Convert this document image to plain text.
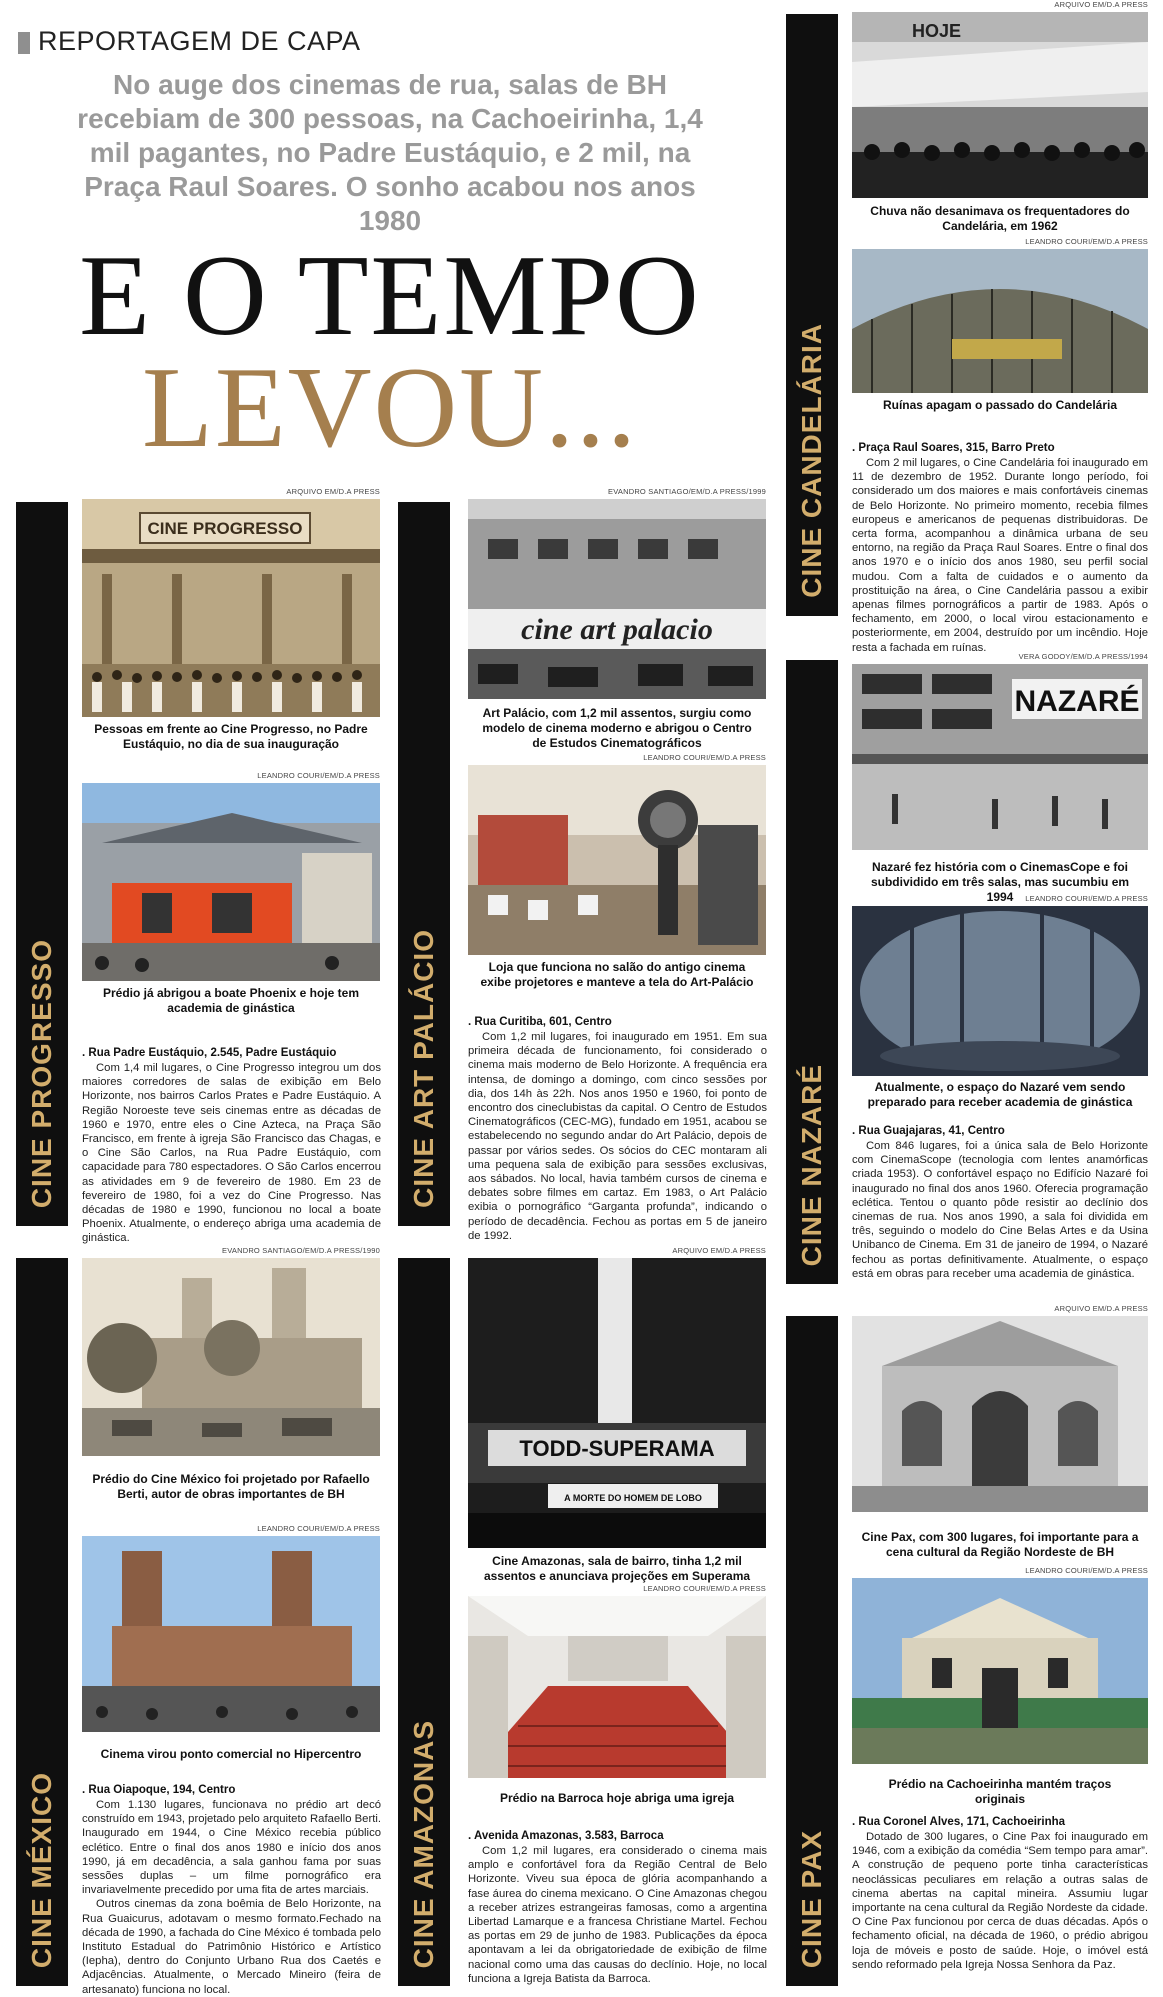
REPORTAGEM DE CAPA
No auge dos cinemas de rua, salas de BH recebiam de 300 pessoas, na Cachoeirinha, 1,4 mil pagantes, no Padre Eustáquio, e 2 mil, na Praça Raul Soares. O sonho acabou nos anos 1980
E O TEMPO
LEVOU...
CINE PROGRESSO
ARQUIVO EM/D.A PRESS
CINE PROGRESSO
Pessoas em frente ao Cine Progresso, no Padre Eustáquio, no dia de sua inauguração
LEANDRO COURI/EM/D.A PRESS
Prédio já abrigou a boate Phoenix e hoje tem academia de ginástica
. Rua Padre Eustáquio, 2.545, Padre Eustáquio

Com 1,4 mil lugares, o Cine Progresso integrou um dos maiores corredores de salas de exibição em Belo Horizonte, nos bairros Carlos Prates e Padre Eustáquio. A Região Noroeste teve seis cinemas entre as décadas de 1960 e 1970, entre eles o Cine Azteca, na Praça São Francisco, em frente à igreja São Francisco das Chagas, e o Cine São Carlos, na Rua Padre Eustáquio, com capacidade para 780 espectadores. O São Carlos encerrou as atividades em 9 de fevereiro de 1980. Em 23 de fevereiro de 1980, foi a vez do Cine Progresso. Nas décadas de 1980 e 1990, funcionou no local a boate Phoenix. Atualmente, o endereço abriga uma academia de ginástica.

CINE ART PALÁCIO
EVANDRO SANTIAGO/EM/D.A PRESS/1999
cine art palacio
Art Palácio, com 1,2 mil assentos, surgiu como modelo de cinema moderno e abrigou o Centro de Estudos Cinematográficos
LEANDRO COURI/EM/D.A PRESS
Loja que funciona no salão do antigo cinema exibe projetores e manteve a tela do Art-Palácio
. Rua Curitiba, 601, Centro

Com 1,2 mil lugares, foi inaugurado em 1951. Em sua primeira década de funcionamento, foi considerado o cinema mais moderno de Belo Horizonte. A frequência era intensa, de domingo a domingo, com cinco sessões por dia, dos 14h às 22h. Nos anos 1950 e 1960, foi ponto de encontro dos cineclubistas da capital. O Centro de Estudos Cinematográficos (CEC-MG), fundado em 1951, acabou se estabelecendo no segundo andar do Art Palácio, depois de passar por vários sedes. Os sócios do CEC montaram ali uma pequena sala de exibição para sessões exclusivas, aos sábados. No local, havia também cursos de cinema e debates sobre filmes em cartaz. Em 1983, o Art Palácio exibia o pornográfico “Garganta profunda”, indicando o período de decadência. Fechou as portas em 5 de janeiro de 1992.

CINE MÉXICO
EVANDRO SANTIAGO/EM/D.A PRESS/1990
Prédio do Cine México foi projetado por Rafaello Berti, autor de obras importantes de BH
LEANDRO COURI/EM/D.A PRESS
Cinema virou ponto comercial no Hipercentro
. Rua Oiapoque, 194, Centro

Com 1.130 lugares, funcionava no prédio art decó construído em 1943, projetado pelo arquiteto Rafaello Berti. Inaugurado em 1944, o Cine México recebia público eclético. Entre o final dos anos 1980 e início dos anos 1990, já em decadência, a sala ganhou fama por suas sessões duplas – um filme pornográfico era invariavelmente precedido por uma fita de artes marciais.

Outros cinemas da zona boêmia de Belo Horizonte, na Rua Guaicurus, adotavam o mesmo formato.Fechado na década de 1990, a fachada do Cine México é tombada pelo Instituto Estadual do Patrimônio Histórico e Artístico (Iepha), dentro do Conjunto Urbano Rua dos Caetés e Adjacências. Atualmente, o Mercado Mineiro (feira de artesanato) funciona no local.

CINE AMAZONAS
ARQUIVO EM/D.A PRESS
TODD-SUPERAMA
A MORTE DO HOMEM DE LOBO
Cine Amazonas, sala de bairro, tinha 1,2 mil assentos e anunciava projeções em Superama
LEANDRO COURI/EM/D.A PRESS
Prédio na Barroca hoje abriga uma igreja
. Avenida Amazonas, 3.583, Barroca

Com 1,2 mil lugares, era considerado o cinema mais amplo e confortável fora da Região Central de Belo Horizonte. Viveu sua época de glória acompanhando a fase áurea do cinema mexicano. O Cine Amazonas chegou a receber atrizes estrangeiras famosas, como a argentina Libertad Lamarque e a francesa Christiane Martel. Fechou as portas em 29 de junho de 1983. Publicações da época apontavam a lei da obrigatoriedade de exibição de filme nacional como uma das causas do declínio. Hoje, no local funciona a Igreja Batista da Barroca.

CINE CANDELÁRIA
ARQUIVO EM/D.A PRESS
HOJE
Chuva não desanimava os frequentadores do Candelária, em 1962
LEANDRO COURI/EM/D.A PRESS
Ruínas apagam o passado do Candelária
. Praça Raul Soares, 315, Barro Preto

Com 2 mil lugares, o Cine Candelária foi inaugurado em 11 de dezembro de 1952. Durante longo período, foi considerado um dos maiores e mais confortáveis cinemas de Belo Horizonte. No primeiro momento, recebia filmes europeus e americanos de pequenas distribuidoras. De certa forma, acompanhou a dinâmica urbana de seu entorno, na região da Praça Raul Soares. Entre o final dos anos 1970 e o início dos anos 1980, seu perfil social mudou. Com a falta de cuidados e o aumento da prostituição na área, o Cine Candelária passou a exibir apenas filmes pornográficos a partir de 1983. Após o fechamento, em 2000, o local virou estacionamento e posteriormente, em 2004, destruído por um incêndio. Hoje resta a fachada em ruínas.

CINE NAZARÉ
VERA GODOY/EM/D.A PRESS/1994
NAZARÉ
Nazaré fez história com o CinemasCope e foi subdividido em três salas, mas sucumbiu em 1994	LEANDRO COURI/EM/D.A PRESS
Atualmente, o espaço do Nazaré vem sendo preparado para receber academia de ginástica
. Rua Guajajaras, 41, Centro

Com 846 lugares, foi a única sala de Belo Horizonte com CinemaScope (tecnologia com lentes anamórficas criada 1953). O confortável espaço no Edifício Nazaré foi inaugurado no final dos anos 1960. Oferecia programação eclética. Tentou o quanto pôde resistir ao declínio dos cinemas de rua. Nos anos 1990, a sala foi dividida em três, seguindo o modelo do Cine Belas Artes e da Usina Unibanco de Cinema. Em 31 de janeiro de 1994, o Nazaré fechou as portas definitivamente. Atualmente, o espaço está em obras para receber uma academia de ginástica.

CINE PAX
ARQUIVO EM/D.A PRESS
Cine Pax, com 300 lugares, foi importante para a cena cultural da Região Nordeste de BH
LEANDRO COURI/EM/D.A PRESS
Prédio na Cachoeirinha mantém traços originais
. Rua Coronel Alves, 171, Cachoeirinha

Dotado de 300 lugares, o Cine Pax foi inaugurado em 1946, com a exibição da comédia “Sem tempo para amar”. A construção de pequeno porte tinha características neoclássicas peculiares em relação a outras salas de cinema abertas na capital mineira. Assumiu lugar importante na cena cultural da Região Nordeste da cidade. O Cine Pax funcionou por cerca de duas décadas. Após o fechamento oficial, na década de 1960, o prédio abrigou loja de móveis e posto de saúde. Hoje, o imóvel está sendo reformado pela Igreja Nossa Senhora da Paz.
